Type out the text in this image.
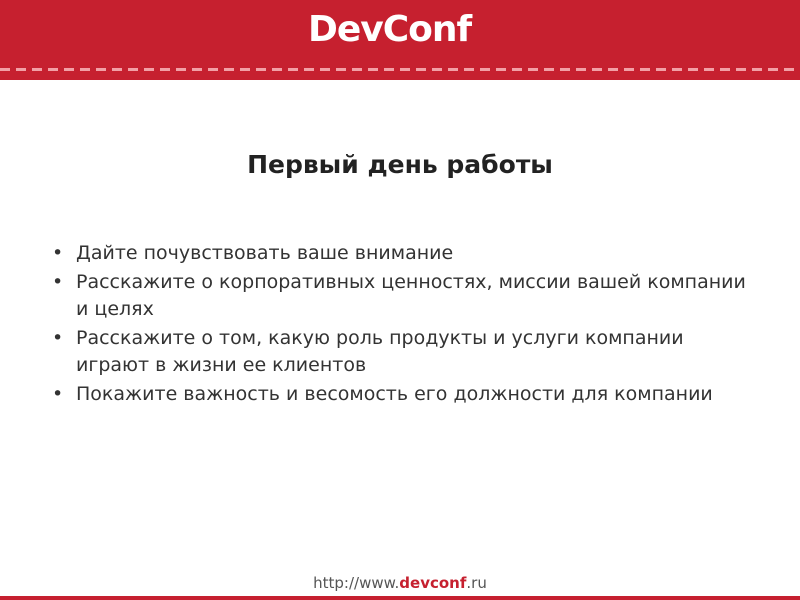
DevConf
Первый день работы
• Дайте почувствовать ваше внимание
• Расскажите о корпоративных ценностях, миссии вашей компании и целях
• Расскажите о том, какую роль продукты и услуги компании играют в жизни ее клиентов
• Покажите важность и весомость его должности для компании
http://www.devconf.ru
